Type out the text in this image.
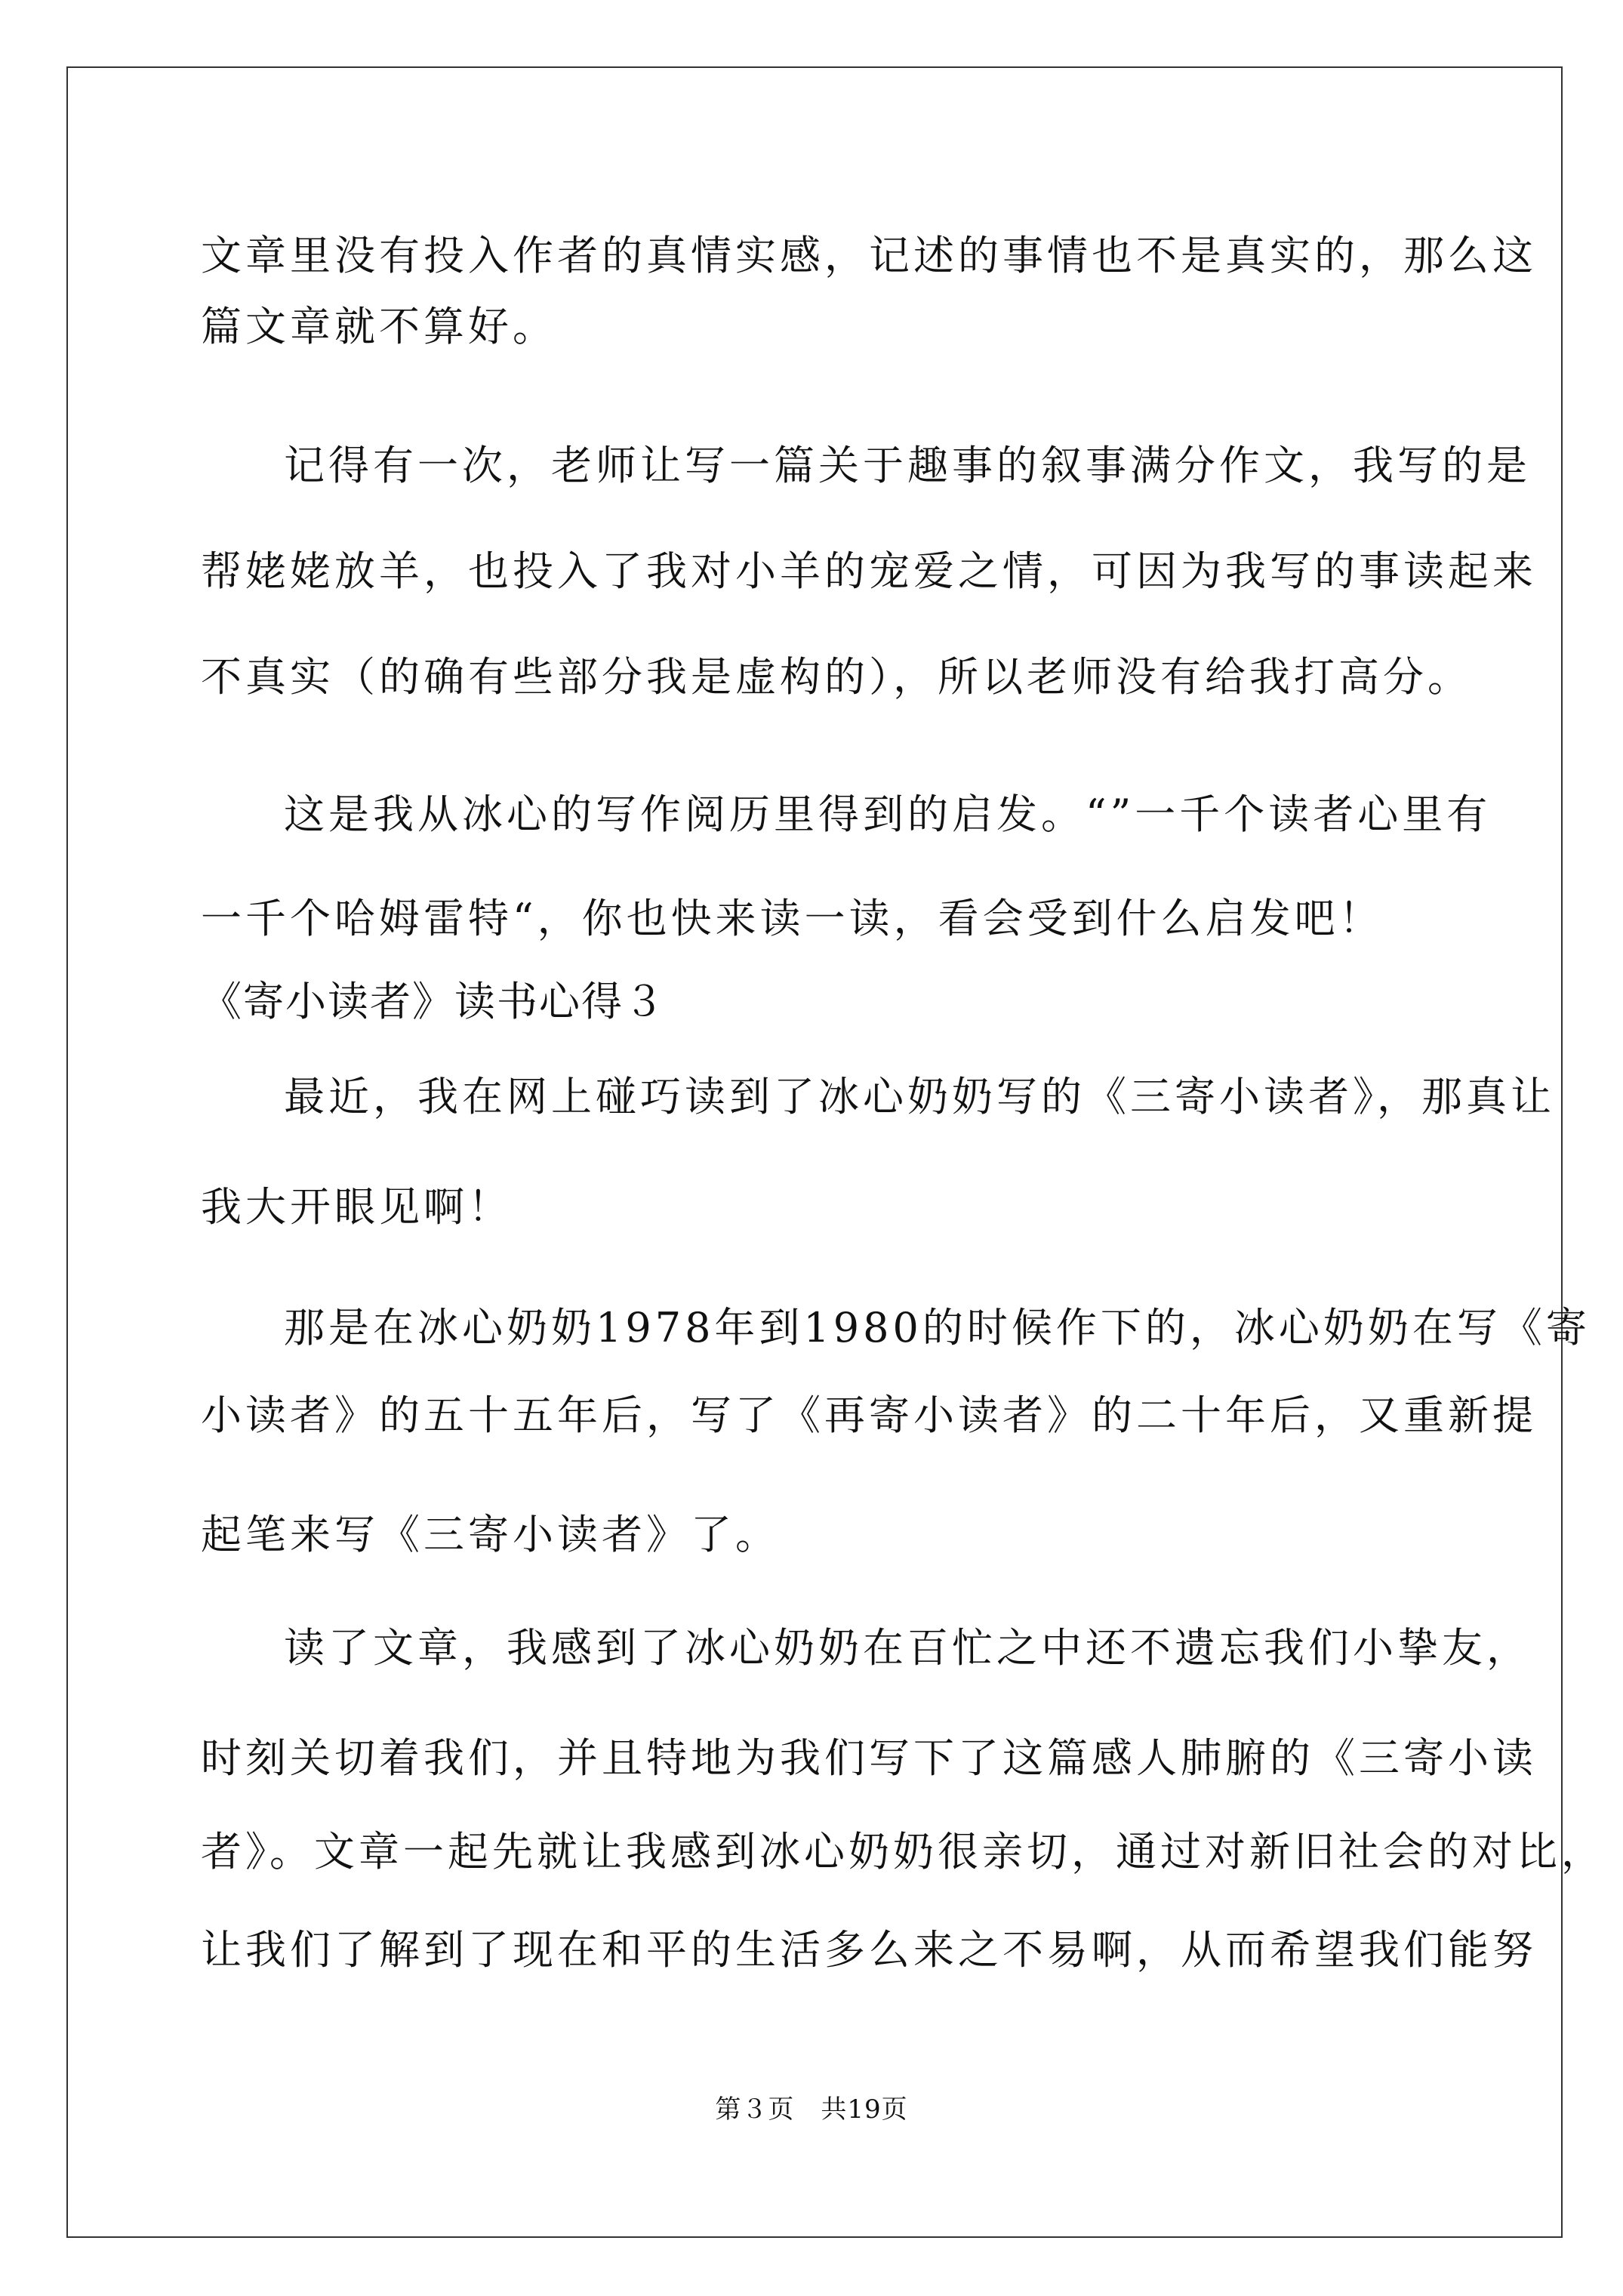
文章里没有投入作者的真情实感，记述的事情也不是真实的，那么这
篇文章就不算好。
记得有一次，老师让写一篇关于趣事的叙事满分作文，我写的是
帮姥姥放羊，也投入了我对小羊的宠爱之情，可因为我写的事读起来
不真实（的确有些部分我是虚构的），所以老师没有给我打高分。
这是我从冰心的写作阅历里得到的启发。“”一千个读者心里有
一千个哈姆雷特“，你也快来读一读，看会受到什么启发吧！
《寄小读者》读书心得３
最近，我在网上碰巧读到了冰心奶奶写的《三寄小读者》，那真让
我大开眼见啊！
那是在冰心奶奶1978年到1980的时候作下的，冰心奶奶在写《寄
小读者》的五十五年后，写了《再寄小读者》的二十年后，又重新提
起笔来写《三寄小读者》了。
读了文章，我感到了冰心奶奶在百忙之中还不遗忘我们小挚友，
时刻关切着我们，并且特地为我们写下了这篇感人肺腑的《三寄小读
者》。文章一起先就让我感到冰心奶奶很亲切，通过对新旧社会的对比，
让我们了解到了现在和平的生活多么来之不易啊，从而希望我们能努
第３页　共19页
